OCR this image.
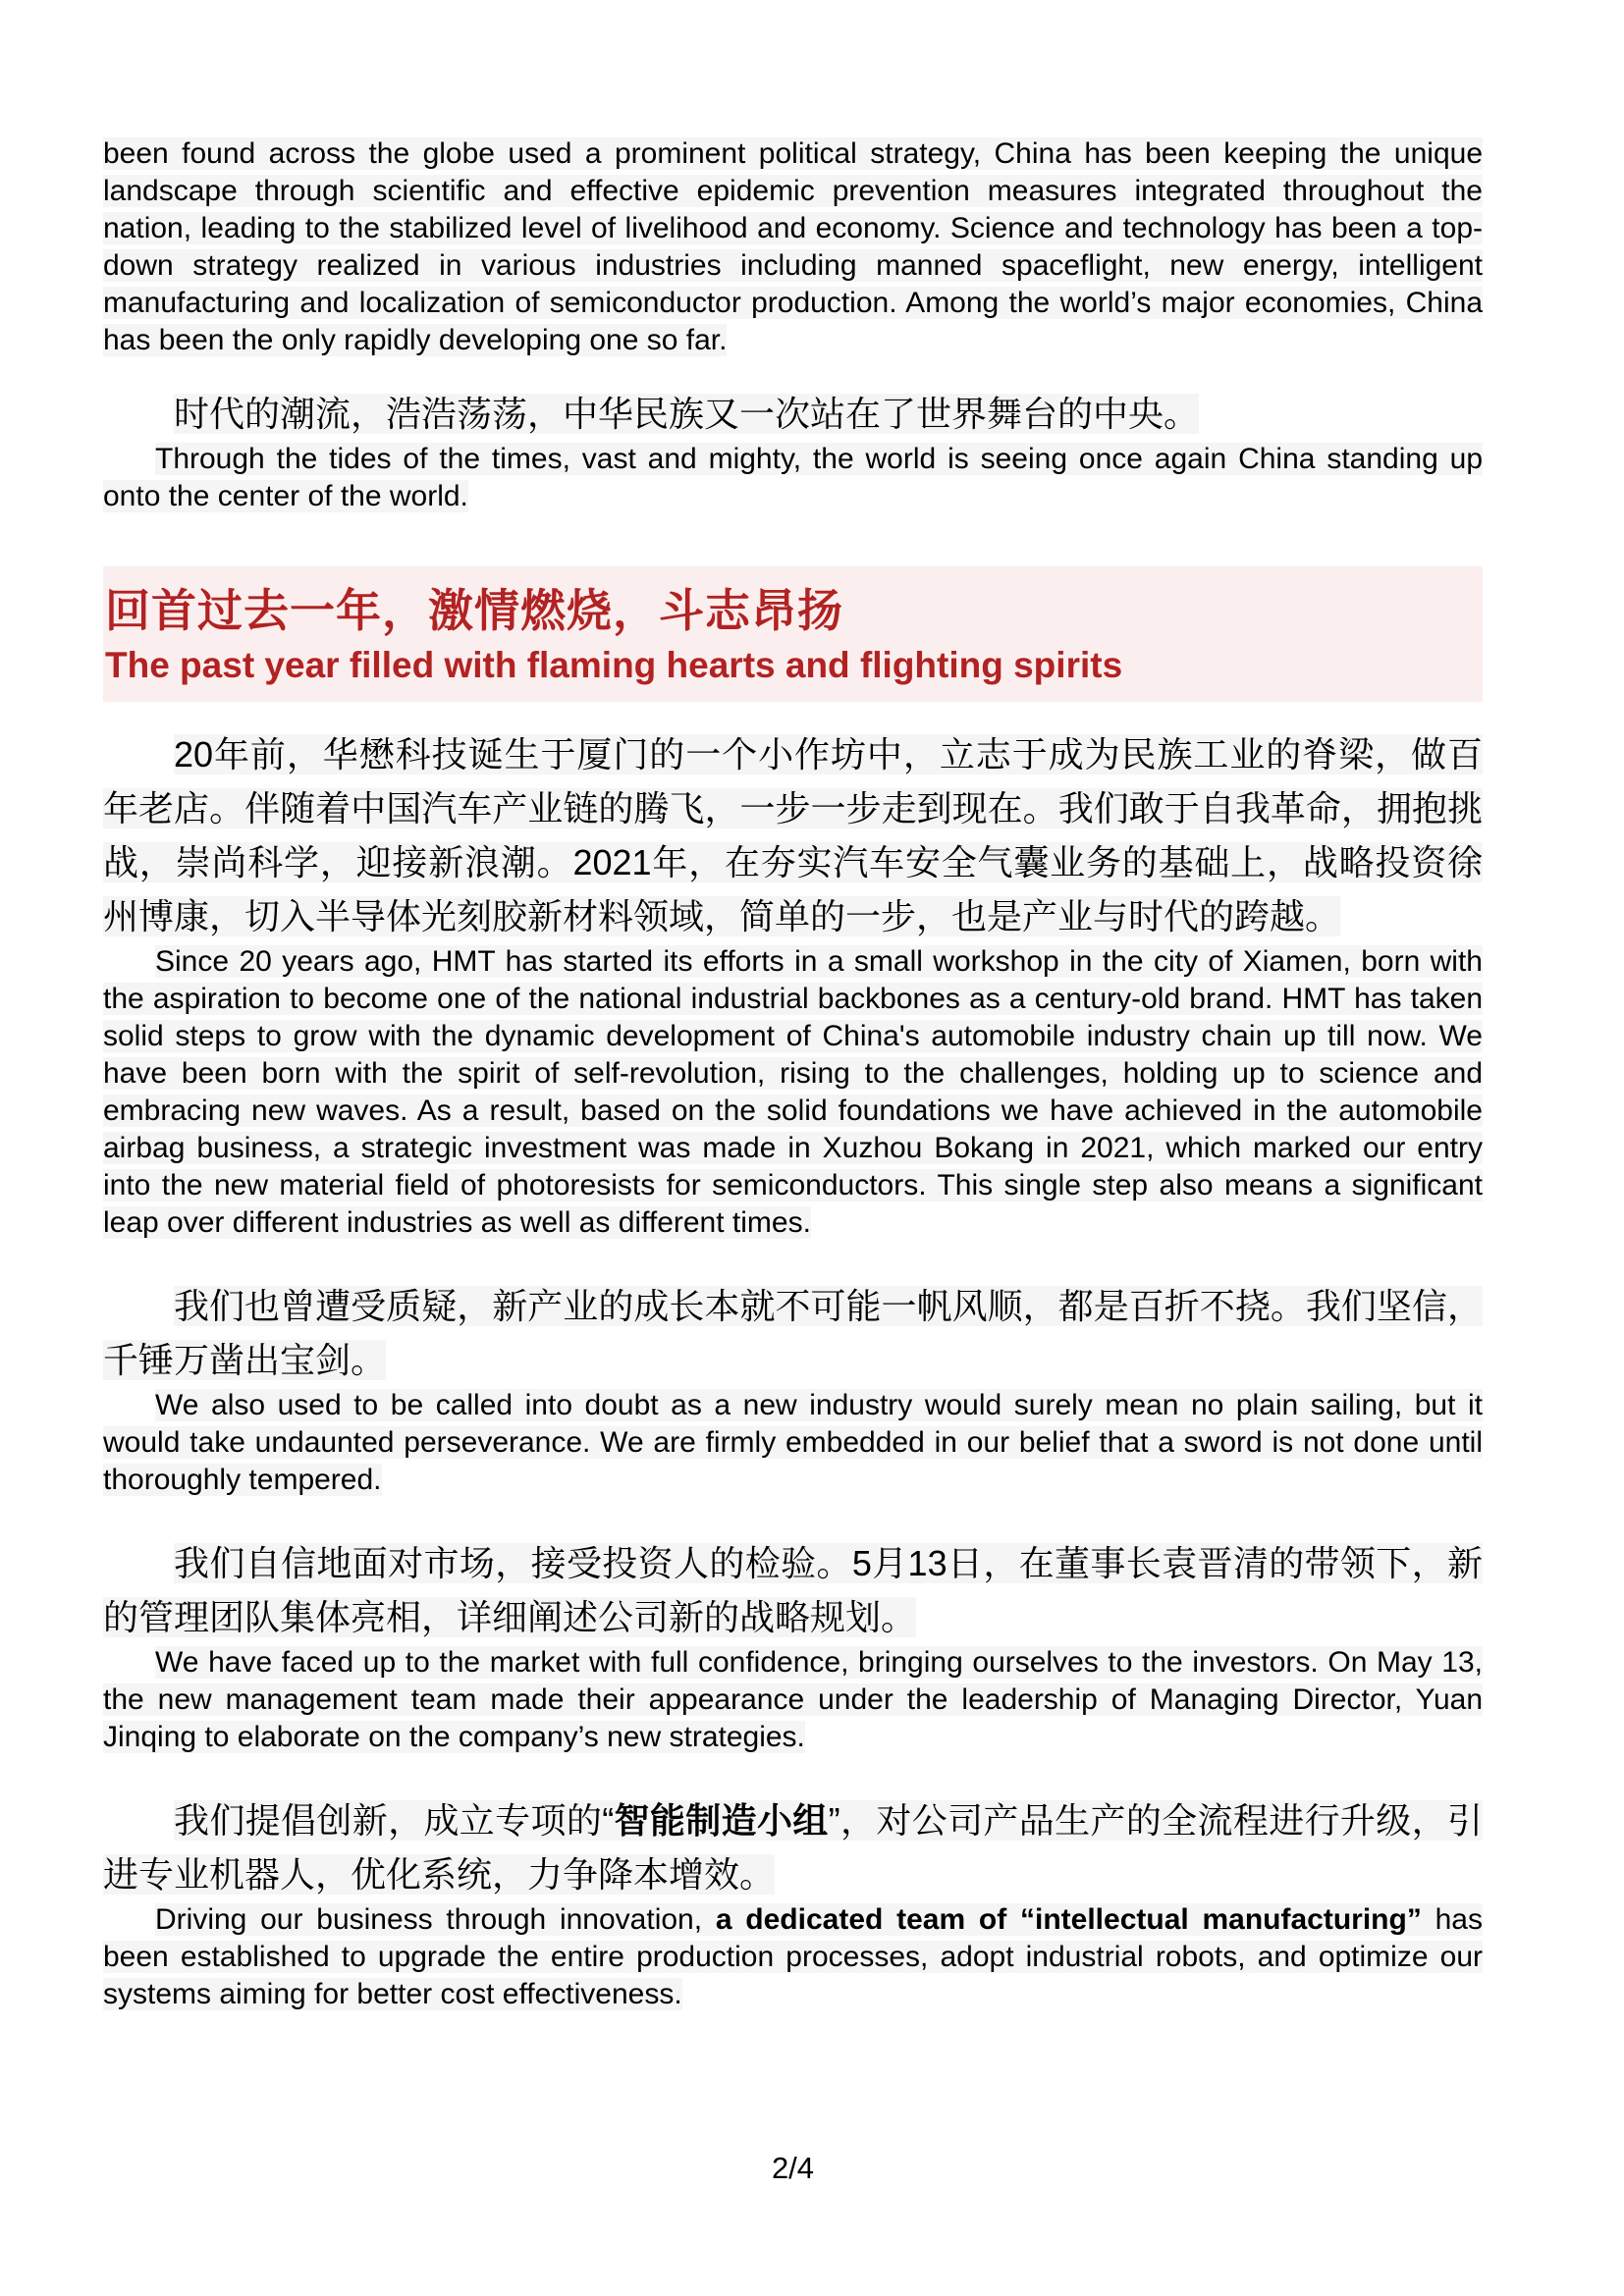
been found across the globe used a prominent political strategy, China has been keeping the unique landscape through scientific and effective epidemic prevention measures integrated throughout the nation, leading to the stabilized level of livelihood and economy. Science and technology has been a top-down strategy realized in various industries including manned spaceflight, new energy, intelligent manufacturing and localization of semiconductor production. Among the world’s major economies, China has been the only rapidly developing one so far.

时代的潮流，浩浩荡荡，中华民族又一次站在了世界舞台的中央。

Through the tides of the times, vast and mighty, the world is seeing once again China standing up onto the center of the world.

回首过去一年，激情燃烧，斗志昂扬
The past year filled with flaming hearts and flighting spirits

20年前，华懋科技诞生于厦门的一个小作坊中，立志于成为民族工业的脊梁，做百年老店。伴随着中国汽车产业链的腾飞，一步一步走到现在。我们敢于自我革命，拥抱挑战，崇尚科学，迎接新浪潮。2021年，在夯实汽车安全气囊业务的基础上，战略投资徐州博康，切入半导体光刻胶新材料领域，简单的一步，也是产业与时代的跨越。

Since 20 years ago, HMT has started its efforts in a small workshop in the city of Xiamen, born with the aspiration to become one of the national industrial backbones as a century-old brand. HMT has taken solid steps to grow with the dynamic development of China's automobile industry chain up till now. We have been born with the spirit of self-revolution, rising to the challenges, holding up to science and embracing new waves. As a result, based on the solid foundations we have achieved in the automobile airbag business, a strategic investment was made in Xuzhou Bokang in 2021, which marked our entry into the new material field of photoresists for semiconductors. This single step also means a significant leap over different industries as well as different times.

我们也曾遭受质疑，新产业的成长本就不可能一帆风顺，都是百折不挠。我们坚信，千锤万凿出宝剑。

We also used to be called into doubt as a new industry would surely mean no plain sailing, but it would take undaunted perseverance. We are firmly embedded in our belief that a sword is not done until thoroughly tempered.

我们自信地面对市场，接受投资人的检验。5月13日，在董事长袁晋清的带领下，新的管理团队集体亮相，详细阐述公司新的战略规划。

We have faced up to the market with full confidence, bringing ourselves to the investors. On May 13, the new management team made their appearance under the leadership of Managing Director, Yuan Jinqing to elaborate on the company’s new strategies.

我们提倡创新，成立专项的“智能制造小组”，对公司产品生产的全流程进行升级，引进专业机器人，优化系统，力争降本增效。

Driving our business through innovation, a dedicated team of “intellectual manufacturing” has been established to upgrade the entire production processes, adopt industrial robots, and optimize our systems aiming for better cost effectiveness.

2/4
